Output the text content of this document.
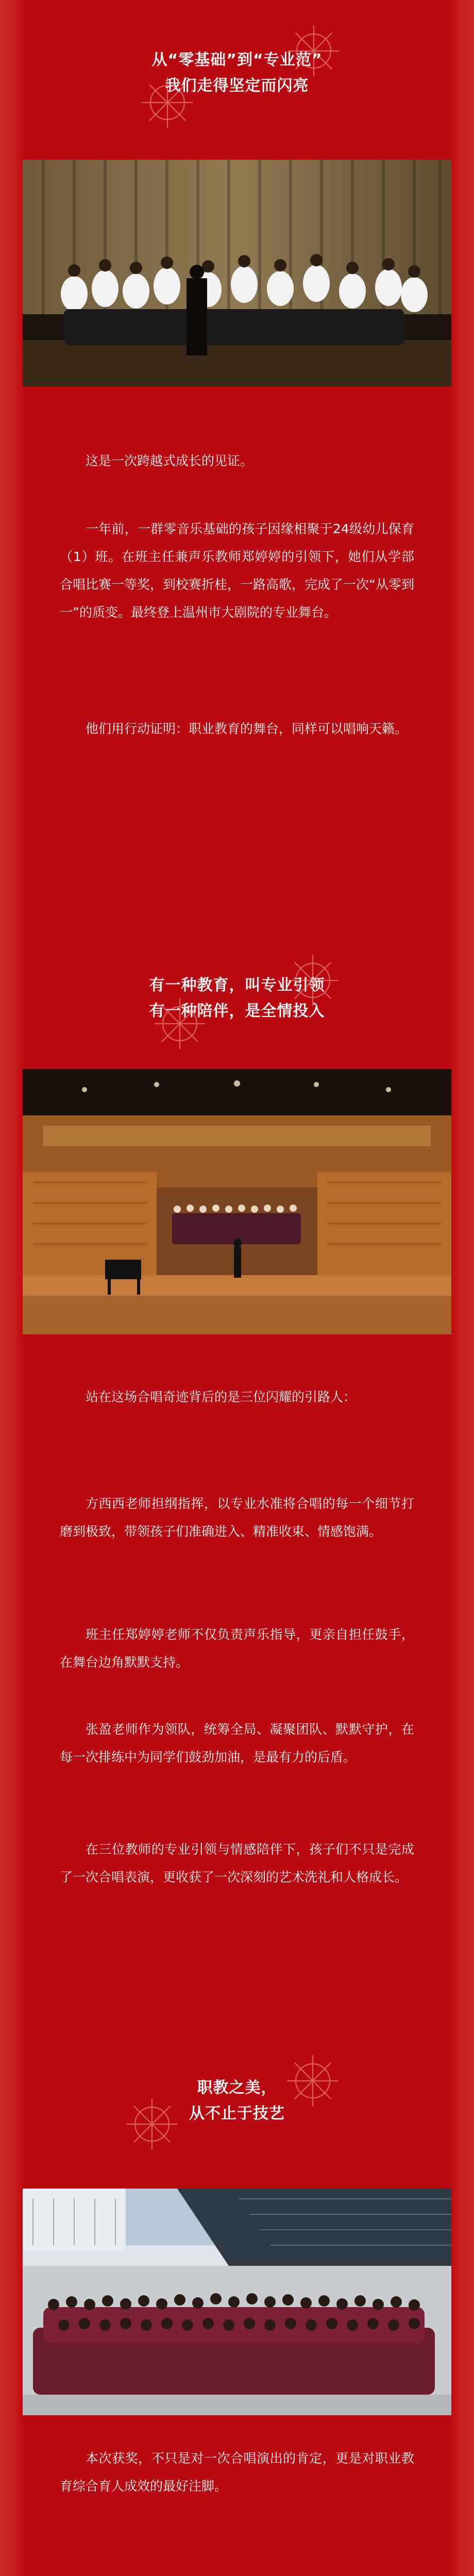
从“零基础”到“专业范”
我们走得坚定而闪亮

这是一次跨越式成长的见证。

一年前，一群零音乐基础的孩子因缘相聚于24级幼儿保育（1）班。在班主任兼声乐教师郑婷婷的引领下，她们从学部合唱比赛一等奖，到校赛折桂，一路高歌，完成了一次“从零到一”的质变。最终登上温州市大剧院的专业舞台。

他们用行动证明：职业教育的舞台，同样可以唱响天籁。

有一种教育，叫专业引领
有一种陪伴，是全情投入

站在这场合唱奇迹背后的是三位闪耀的引路人：

方西西老师担纲指挥，以专业水准将合唱的每一个细节打磨到极致，带领孩子们准确进入、精准收束、情感饱满。

班主任郑婷婷老师不仅负责声乐指导，更亲自担任鼓手，在舞台边角默默支持。

张盈老师作为领队，统筹全局、凝聚团队、默默守护，在每一次排练中为同学们鼓劲加油，是最有力的后盾。

在三位教师的专业引领与情感陪伴下，孩子们不只是完成了一次合唱表演，更收获了一次深刻的艺术洗礼和人格成长。

职教之美，
从不止于技艺

本次获奖，不只是对一次合唱演出的肯定，更是对职业教育综合育人成效的最好注脚。
